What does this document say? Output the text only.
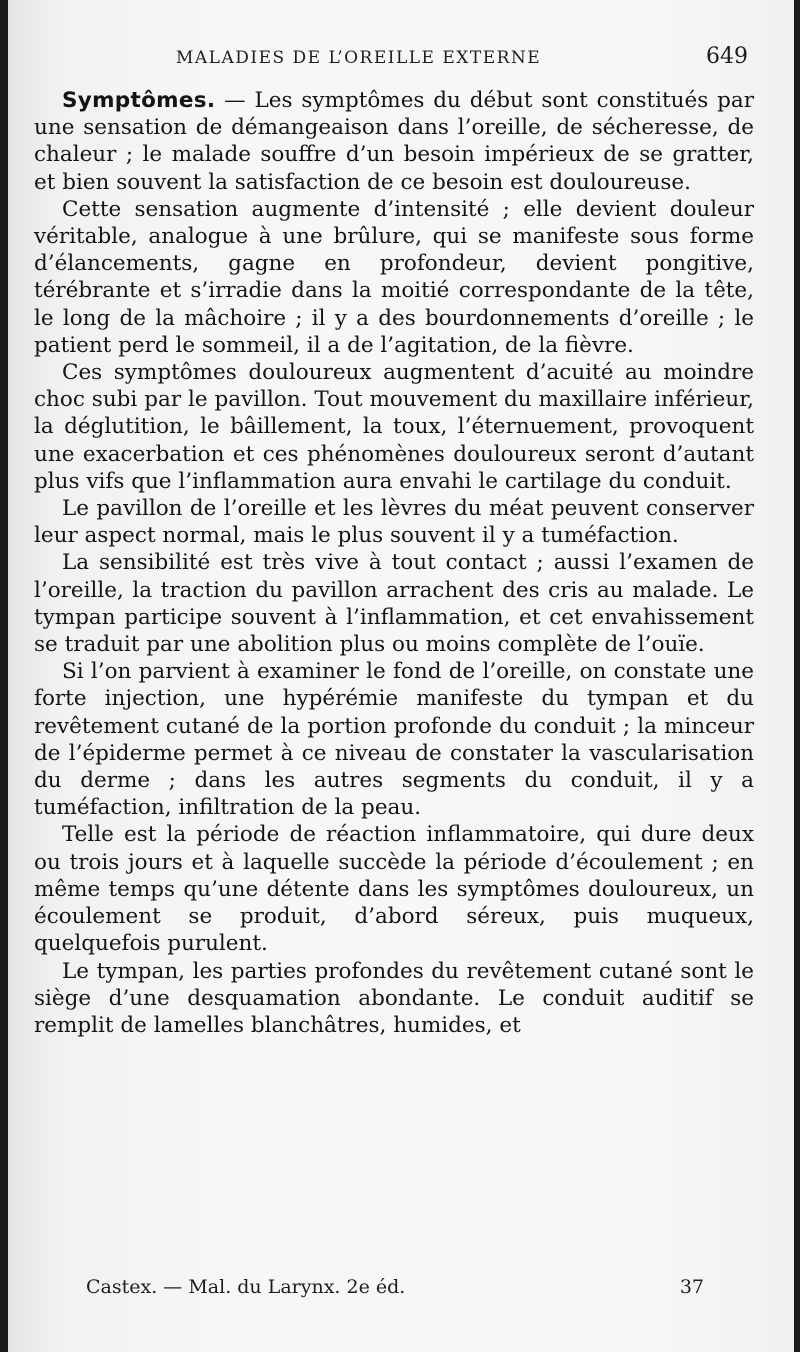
MALADIES DE L’OREILLE EXTERNE	649

Symptômes. — Les symptômes du début sont constitués par une sensation de démangeaison dans l’oreille, de sécheresse, de chaleur ; le malade souffre d’un besoin impérieux de se gratter, et bien souvent la satisfaction de ce besoin est douloureuse.

Cette sensation augmente d’intensité ; elle devient douleur véritable, analogue à une brûlure, qui se manifeste sous forme d’élancements, gagne en profondeur, devient pongitive, térébrante et s’irradie dans la moitié correspondante de la tête, le long de la mâchoire ; il y a des bourdonnements d’oreille ; le patient perd le sommeil, il a de l’agitation, de la fièvre.

Ces symptômes douloureux augmentent d’acuité au moindre choc subi par le pavillon. Tout mouvement du maxillaire inférieur, la déglutition, le bâillement, la toux, l’éternuement, provoquent une exacerbation et ces phénomènes douloureux seront d’autant plus vifs que l’inflammation aura envahi le cartilage du conduit.

Le pavillon de l’oreille et les lèvres du méat peuvent conserver leur aspect normal, mais le plus souvent il y a tuméfaction.

La sensibilité est très vive à tout contact ; aussi l’examen de l’oreille, la traction du pavillon arrachent des cris au malade. Le tympan participe souvent à l’inflammation, et cet envahissement se traduit par une abolition plus ou moins complète de l’ouïe.

Si l’on parvient à examiner le fond de l’oreille, on constate une forte injection, une hypérémie manifeste du tympan et du revêtement cutané de la portion profonde du conduit ; la minceur de l’épiderme permet à ce niveau de constater la vascularisation du derme ; dans les autres segments du conduit, il y a tuméfaction, infiltration de la peau.

Telle est la période de réaction inflammatoire, qui dure deux ou trois jours et à laquelle succède la période d’écoulement ; en même temps qu’une détente dans les symptômes douloureux, un écoulement se produit, d’abord séreux, puis muqueux, quelquefois purulent.

Le tympan, les parties profondes du revêtement cutané sont le siège d’une desquamation abondante. Le conduit auditif se remplit de lamelles blanchâtres, humides, et

Castex. — Mal. du Larynx. 2e éd.	37
